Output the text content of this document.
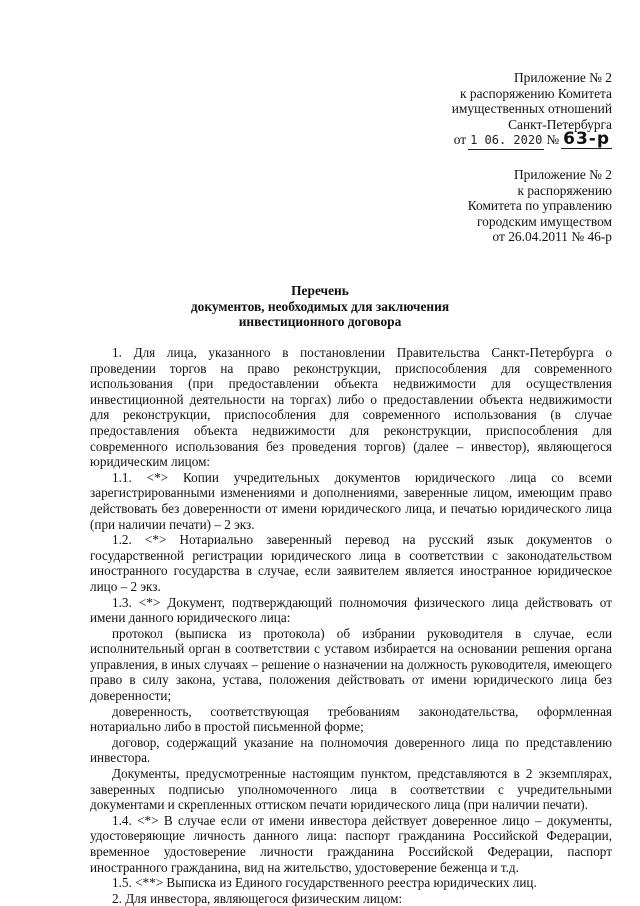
Приложение № 2
к распоряжению Комитета
имущественных отношений
Санкт-Петербурга
от 1 06. 2020 № 63-р
Приложение № 2
к распоряжению
Комитета по управлению
городским имуществом
от 26.04.2011 № 46-р
Перечень
документов, необходимых для заключения
инвестиционного договора

1. Для лица, указанного в постановлении Правительства Санкт-Петербурга о проведении торгов на право реконструкции, приспособления для современного использования (при предоставлении объекта недвижимости для осуществления инвестиционной деятельности на торгах) либо о предоставлении объекта недвижимости для реконструкции, приспособления для современного использования (в случае предоставления объекта недвижимости для реконструкции, приспособления для современного использования без проведения торгов) (далее – инвестор), являющегося юридическим лицом:

1.1. <*> Копии учредительных документов юридического лица со всеми зарегистрированными изменениями и дополнениями, заверенные лицом, имеющим право действовать без доверенности от имени юридического лица, и печатью юридического лица (при наличии печати) – 2 экз.

1.2. <*> Нотариально заверенный перевод на русский язык документов о государственной регистрации юридического лица в соответствии с законодательством иностранного государства в случае, если заявителем является иностранное юридическое лицо – 2 экз.

1.3. <*> Документ, подтверждающий полномочия физического лица действовать от имени данного юридического лица:

протокол (выписка из протокола) об избрании руководителя в случае, если исполнительный орган в соответствии с уставом избирается на основании решения органа управления, в иных случаях – решение о назначении на должность руководителя, имеющего право в силу закона, устава, положения действовать от имени юридического лица без доверенности;

доверенность, соответствующая требованиям законодательства, оформленная нотариально либо в простой письменной форме;

договор, содержащий указание на полномочия доверенного лица по представлению инвестора.

Документы, предусмотренные настоящим пунктом, представляются в 2 экземплярах, заверенных подписью уполномоченного лица в соответствии с учредительными документами и скрепленных оттиском печати юридического лица (при наличии печати).

1.4. <*> В случае если от имени инвестора действует доверенное лицо – документы, удостоверяющие личность данного лица: паспорт гражданина Российской Федерации, временное удостоверение личности гражданина Российской Федерации, паспорт иностранного гражданина, вид на жительство, удостоверение беженца и т.д.

1.5. <**> Выписка из Единого государственного реестра юридических лиц.

2. Для инвестора, являющегося физическим лицом:
